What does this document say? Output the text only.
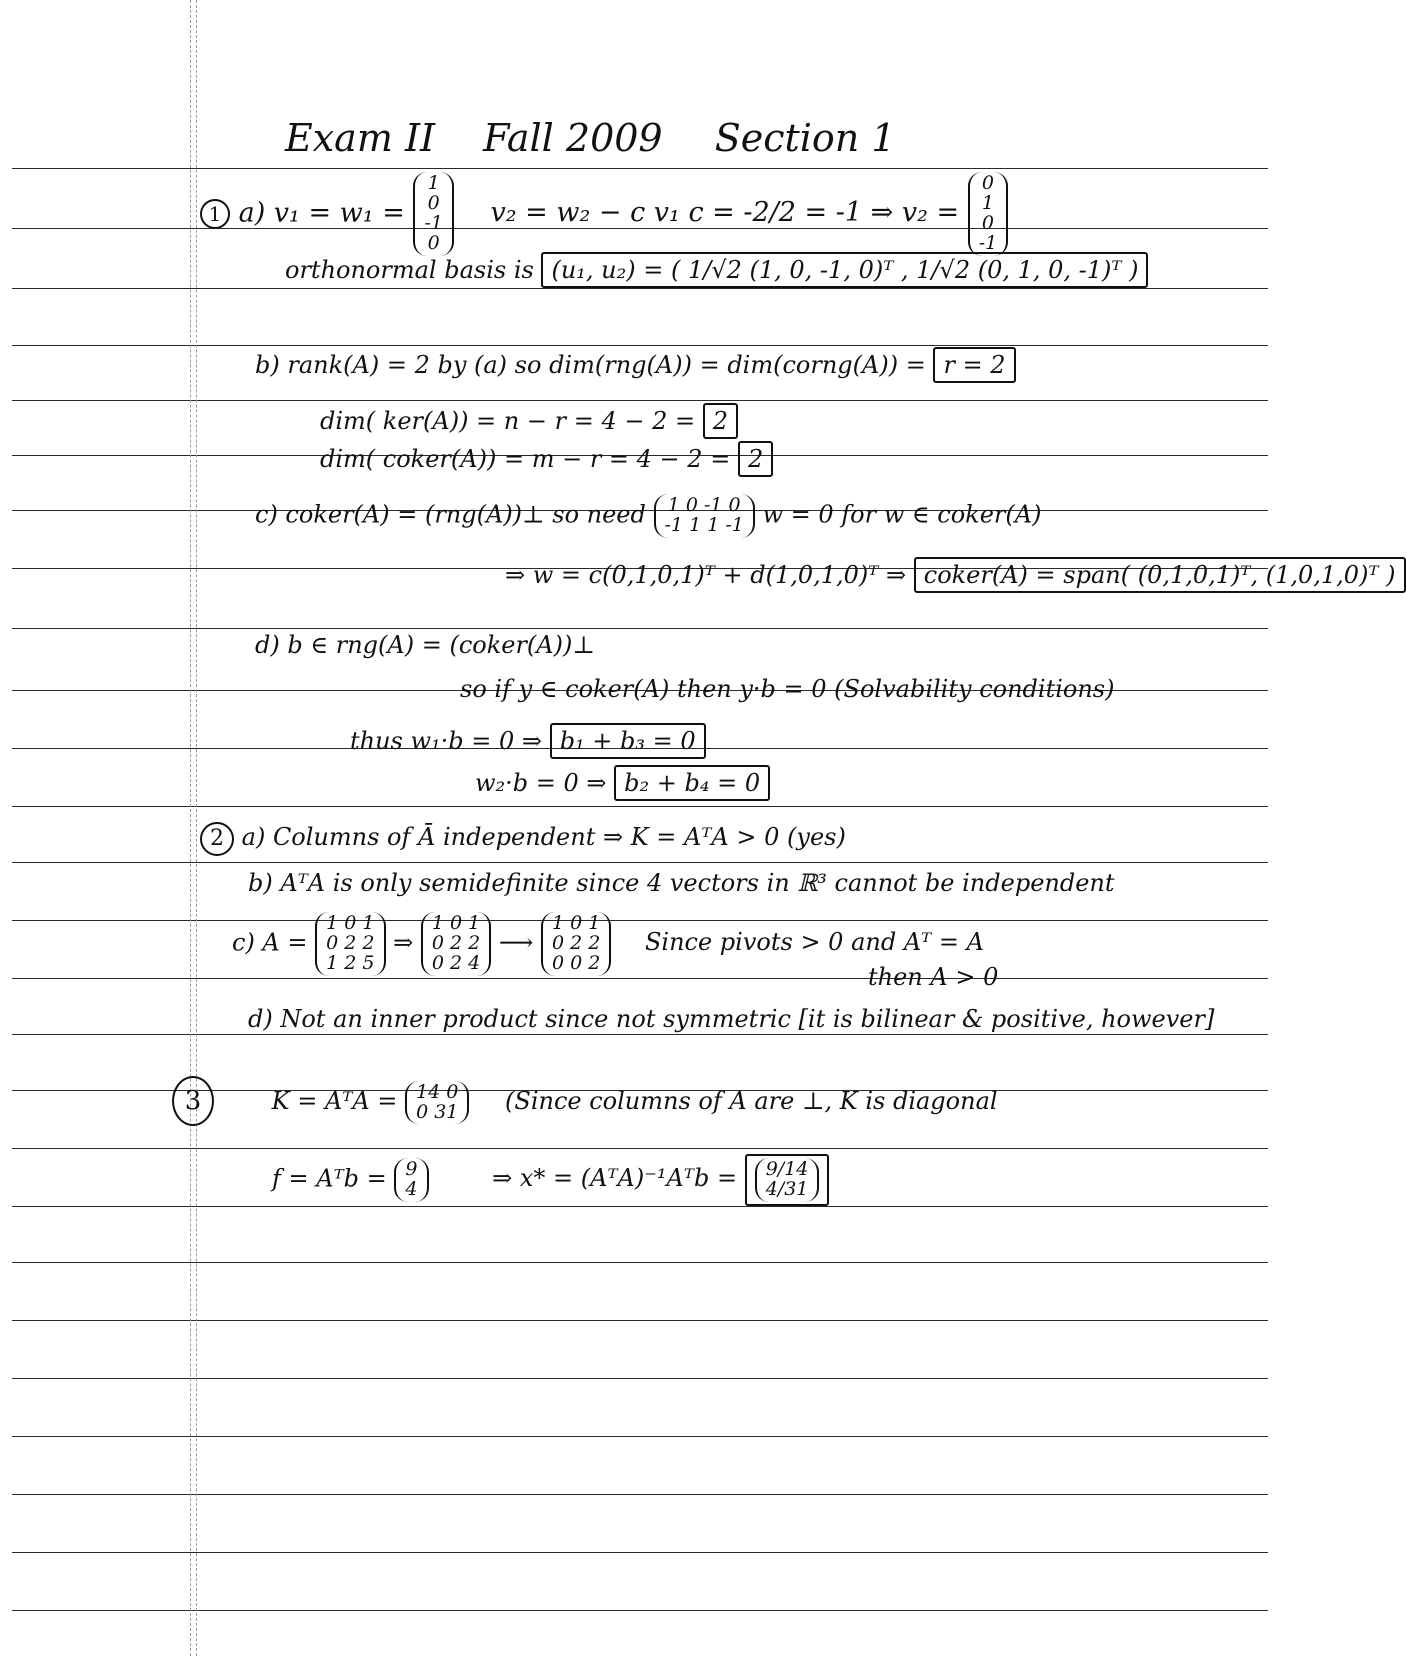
Exam II Fall 2009 Section 1
1 a) v₁ = w₁ =
1
0
-1
0
v₂ = w₂ − c v₁ c = -2/2 = -1 ⇒ v₂ =
0
1
0
-1
orthonormal basis is (u₁, u₂) = ( 1/√2 (1, 0, -1, 0)ᵀ , 1/√2 (0, 1, 0, -1)ᵀ )
b) rank(A) = 2 by (a) so dim(rng(A)) = dim(corng(A)) = r = 2
dim( ker(A)) = n − r = 4 − 2 = 2
dim( coker(A)) = m − r = 4 − 2 = 2
c) coker(A) = (rng(A))⊥ so need 1 0 -1 0
-1 1 1 -1 w = 0 for w ∈ coker(A)
⇒ w = c(0,1,0,1)ᵀ + d(1,0,1,0)ᵀ ⇒ coker(A) = span( (0,1,0,1)ᵀ, (1,0,1,0)ᵀ )
d) b ∈ rng(A) = (coker(A))⊥
so if y ∈ coker(A) then y·b = 0 (Solvability conditions)
thus w₁·b = 0 ⇒ b₁ + b₃ = 0
w₂·b = 0 ⇒ b₂ + b₄ = 0
2 a) Columns of Ā independent ⇒ K = AᵀA > 0 (yes)
b) AᵀA is only semidefinite since 4 vectors in ℝ³ cannot be independent
c) A =
1 0 1
0 2 2
1 2 5
⇒
1 0 1
0 2 2
0 2 4
⟶
1 0 1
0 2 2
0 0 2
Since pivots > 0 and Aᵀ = A
then A > 0
d) Not an inner product since not symmetric [it is bilinear & positive, however]
3	K = AᵀA = 14 0
0 31 (Since columns of A are ⊥, K is diagonal
f = Aᵀb = 9
4	⇒ x* = (AᵀA)⁻¹Aᵀb = 9/14
4/31
